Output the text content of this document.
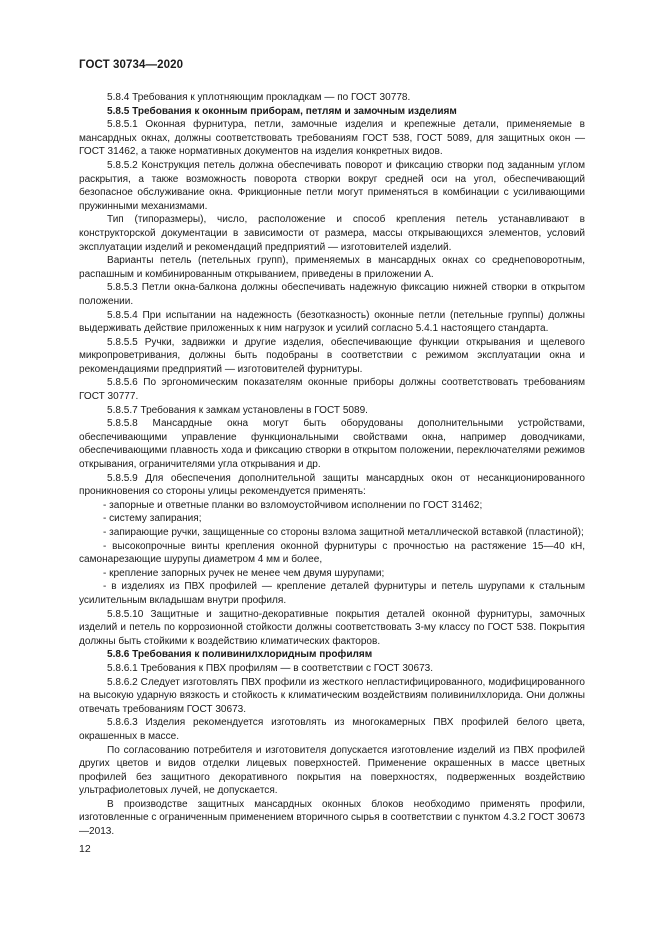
ГОСТ 30734—2020

5.8.4 Требования к уплотняющим прокладкам — по ГОСТ 30778.

5.8.5 Требования к оконным приборам, петлям и замочным изделиям

5.8.5.1 Оконная фурнитура, петли, замочные изделия и крепежные детали, применяемые в мансардных окнах, должны соответствовать требованиям ГОСТ 538, ГОСТ 5089, для защитных окон — ГОСТ 31462, а также нормативных документов на изделия конкретных видов.

5.8.5.2 Конструкция петель должна обеспечивать поворот и фиксацию створки под заданным углом раскрытия, а также возможность поворота створки вокруг средней оси на угол, обеспечивающий безопасное обслуживание окна. Фрикционные петли могут применяться в комбинации с усиливающими пружинными механизмами.

Тип (типоразмеры), число, расположение и способ крепления петель устанавливают в конструкторской документации в зависимости от размера, массы открывающихся элементов, условий эксплуатации изделий и рекомендаций предприятий — изготовителей изделий.

Варианты петель (петельных групп), применяемых в мансардных окнах со среднеповоротным, распашным и комбинированным открыванием, приведены в приложении А.

5.8.5.3 Петли окна-балкона должны обеспечивать надежную фиксацию нижней створки в открытом положении.

5.8.5.4 При испытании на надежность (безотказность) оконные петли (петельные группы) должны выдерживать действие приложенных к ним нагрузок и усилий согласно 5.4.1 настоящего стандарта.

5.8.5.5 Ручки, задвижки и другие изделия, обеспечивающие функции открывания и щелевого микропроветривания, должны быть подобраны в соответствии с режимом эксплуатации окна и рекомендациями предприятий — изготовителей фурнитуры.

5.8.5.6 По эргономическим показателям оконные приборы должны соответствовать требованиям ГОСТ 30777.

5.8.5.7 Требования к замкам установлены в ГОСТ 5089.

5.8.5.8 Мансардные окна могут быть оборудованы дополнительными устройствами, обеспечивающими управление функциональными свойствами окна, например доводчиками, обеспечивающими плавность хода и фиксацию створки в открытом положении, переключателями режимов открывания, ограничителями угла открывания и др.

5.8.5.9 Для обеспечения дополнительной защиты мансардных окон от несанкционированного проникновения со стороны улицы рекомендуется применять:

- запорные и ответные планки во взломоустойчивом исполнении по ГОСТ 31462;

- систему запирания;

- запирающие ручки, защищенные со стороны взлома защитной металлической вставкой (пластиной);

- высокопрочные винты крепления оконной фурнитуры с прочностью на растяжение 15—40 кН, самонарезающие шурупы диаметром 4 мм и более,

- крепление запорных ручек не менее чем двумя шурупами;

- в изделиях из ПВХ профилей — крепление деталей фурнитуры и петель шурупами к стальным усилительным вкладышам внутри профиля.

5.8.5.10 Защитные и защитно-декоративные покрытия деталей оконной фурнитуры, замочных изделий и петель по коррозионной стойкости должны соответствовать 3-му классу по ГОСТ 538. Покрытия должны быть стойкими к воздействию климатических факторов.

5.8.6 Требования к поливинилхлоридным профилям

5.8.6.1 Требования к ПВХ профилям — в соответствии с ГОСТ 30673.

5.8.6.2 Следует изготовлять ПВХ профили из жесткого непластифицированного, модифицированного на высокую ударную вязкость и стойкость к климатическим воздействиям поливинилхлорида. Они должны отвечать требованиям ГОСТ 30673.

5.8.6.3 Изделия рекомендуется изготовлять из многокамерных ПВХ профилей белого цвета, окрашенных в массе.

По согласованию потребителя и изготовителя допускается изготовление изделий из ПВХ профилей других цветов и видов отделки лицевых поверхностей. Применение окрашенных в массе цветных профилей без защитного декоративного покрытия на поверхностях, подверженных воздействию ультрафиолетовых лучей, не допускается.

В производстве защитных мансардных оконных блоков необходимо применять профили, изготовленные с ограниченным применением вторичного сырья в соответствии с пунктом 4.3.2 ГОСТ 30673—2013.

12
